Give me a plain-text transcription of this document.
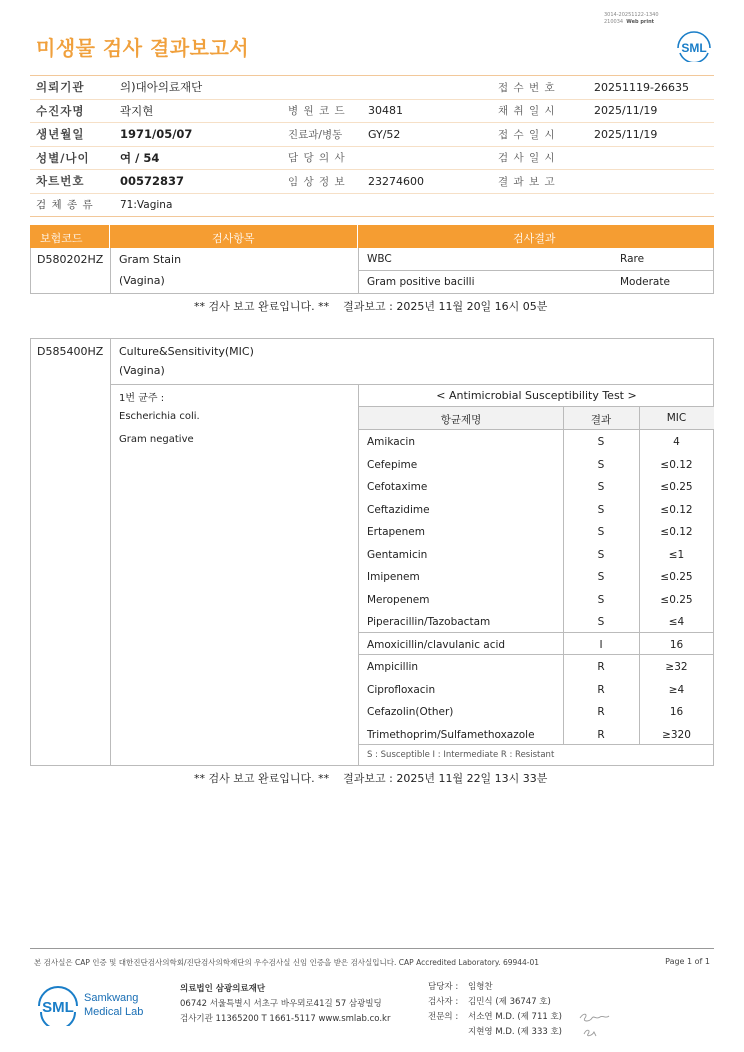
3014-20251122-1340
210034 Web print
미생물 검사 결과보고서	SML
의뢰기관	의)대아의료재단			접 수 번 호	20251119-26635
수진자명	곽지현	병 원 코 드	30481	채 취 일 시	2025/11/19
생년월일	1971/05/07	진료과/병동	GY/52	접 수 일 시	2025/11/19
성별/나이	여 / 54	담 당 의 사		검 사 일 시	
차트번호	00572837	임 상 정 보	23274600	결 과 보 고	
검 체 종 류	71:Vagina				
보험코드	검사항목	검사결과
D580202HZ Gram Stain
(Vagina)
WBC	Rare
Gram positive bacilli	Moderate
** 검사 보고 완료입니다. ** 결과보고 : 2025년 11월 20일 16시 05분
D585400HZ Culture&Sensitivity(MIC)
(Vagina)
1번 균주 :
Escherichia coli.
Gram negative
< Antimicrobial Susceptibility Test >
항균제명	결과	MIC
Amikacin	S	4
Cefepime	S	≤0.12
Cefotaxime	S	≤0.25
Ceftazidime	S	≤0.12
Ertapenem	S	≤0.12
Gentamicin	S	≤1
Imipenem	S	≤0.25
Meropenem	S	≤0.25
Piperacillin/Tazobactam	S	≤4
Amoxicillin/clavulanic acid	I	16
Ampicillin	R	≥32
Ciprofloxacin	R	≥4
Cefazolin(Other)	R	16
Trimethoprim/Sulfamethoxazole	R	≥320
S : Susceptible I : Intermediate R : Resistant
** 검사 보고 완료입니다. ** 결과보고 : 2025년 11월 22일 13시 33분
본 검사실은 CAP 인증 및 대한진단검사의학회/진단검사의학재단의 우수검사실 신임 인증을 받은 검사실입니다. CAP Accredited Laboratory. 69944-01	Page 1 of 1
SML
Samkwang
Medical Lab
의료법인 삼광의료재단
06742 서울특별시 서초구 바우뫼로41길 57 삼광빌딩
검사기관 11365200 T 1661-5117 www.smlab.co.kr
담당자 : 임형찬
검사자 : 김민식 (제 36747 호)
전문의 : 서소연 M.D. (제 711 호)
지현영 M.D. (제 333 호)
